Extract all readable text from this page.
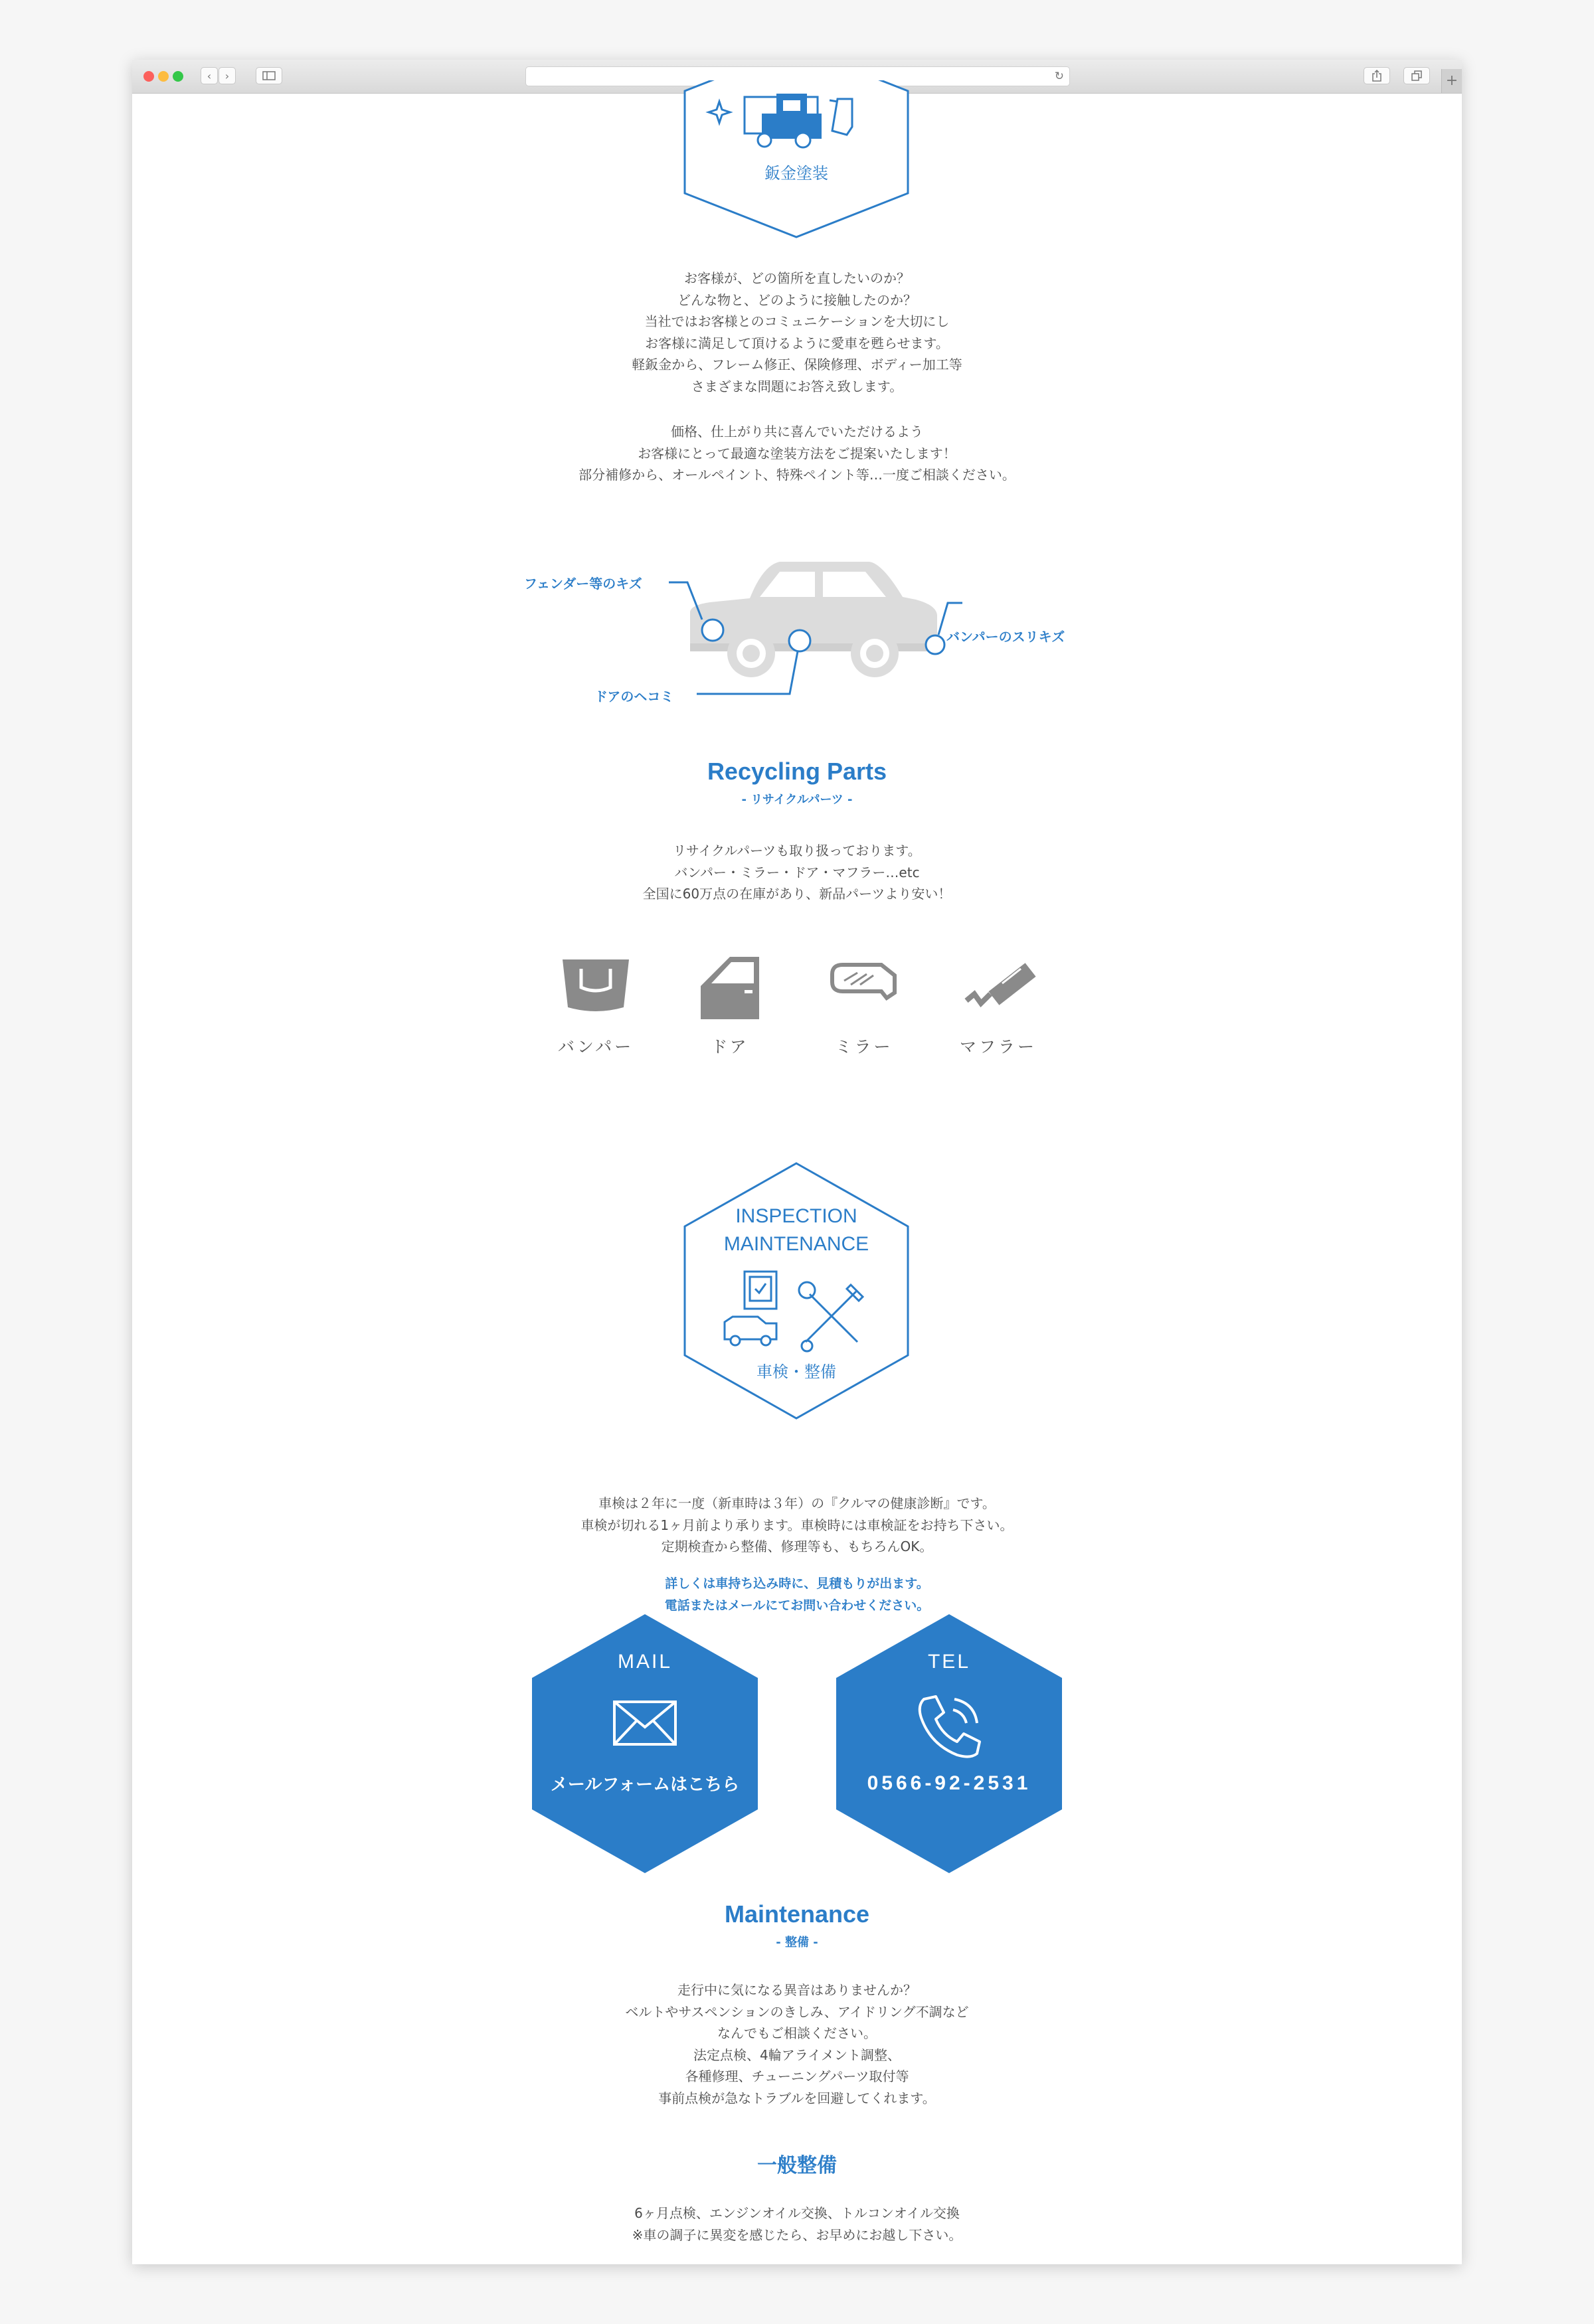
‹	›	↻	+
鈑金塗装

お客様が、どの箇所を直したいのか？
どんな物と、どのように接触したのか？
当社ではお客様とのコミュニケーションを大切にし
お客様に満足して頂けるように愛車を甦らせます。
軽鈑金から、フレーム修正、保険修理、ボディー加工等
さまざまな問題にお答え致します。

価格、仕上がり共に喜んでいただけるよう
お客様にとって最適な塗装方法をご提案いたします！
部分補修から、オールペイント、特殊ペイント等…一度ご相談ください。

フェンダー等のキズ
バンパーのスリキズ
ドアのヘコミ
Recycling Parts

- リサイクルパーツ -

リサイクルパーツも取り扱っております。
バンパー・ミラー・ドア・マフラー…etc
全国に60万点の在庫があり、新品パーツより安い！

バンパー	ドア	ミラー	マフラー
INSPECTION
MAINTENANCE
車検・整備

車検は２年に一度（新車時は３年）の『クルマの健康診断』です。
車検が切れる1ヶ月前より承ります。車検時には車検証をお持ち下さい。
定期検査から整備、修理等も、もちろんOK。

詳しくは車持ち込み時に、見積もりが出ます。
電話またはメールにてお問い合わせください。

MAIL
メールフォームはこちら
TEL
0566-92-2531
Maintenance

- 整備 -

走行中に気になる異音はありませんか？
ベルトやサスペンションのきしみ、アイドリング不調など
なんでもご相談ください。
法定点検、4輪アライメント調整、
各種修理、チューニングパーツ取付等
事前点検が急なトラブルを回避してくれます。

一般整備

6ヶ月点検、エンジンオイル交換、トルコンオイル交換
※車の調子に異変を感じたら、お早めにお越し下さい。
